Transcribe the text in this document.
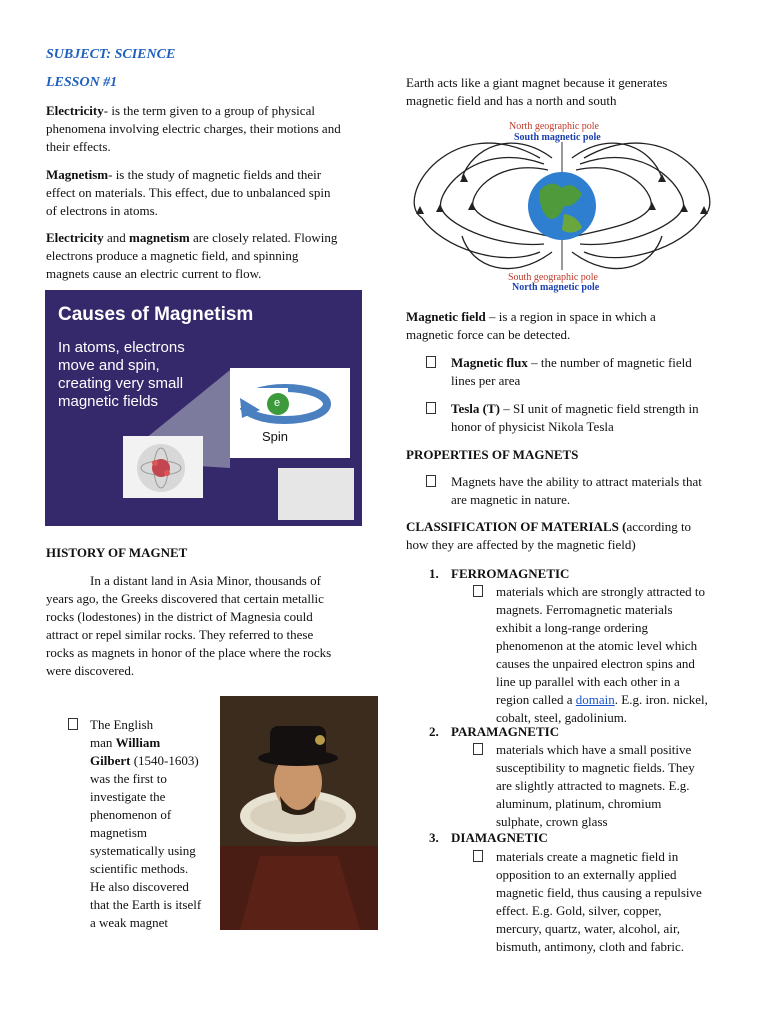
SUBJECT: SCIENCE
LESSON #1

Electricity- is the term given to a group of physical

phenomena involving electric charges, their motions and

their effects.

Magnetism- is the study of magnetic fields and their

effect on materials. This effect, due to unbalanced spin

of electrons in atoms.

Electricity and magnetism are closely related. Flowing

electrons produce a magnetic field, and spinning

magnets cause an electric current to flow.

Causes of Magnetism

In atoms, electrons

move and spin,

creating very small

magnetic fields	e
Spin
HISTORY OF MAGNET

In a distant land in Asia Minor, thousands of

years ago, the Greeks discovered that certain metallic

rocks (lodestones) in the district of Magnesia could

attract or repel similar rocks. They referred to these

rocks as magnets in honor of the place where the rocks

were discovered.

The English

man William

Gilbert (1540-1603)

was the first to

investigate the

phenomenon of

magnetism

systematically using

scientific methods.

He also discovered

that the Earth is itself

a weak magnet

Earth acts like a giant magnet because it generates

magnetic field and has a north and south

North geographic pole
South magnetic pole
South geographic pole
North magnetic pole

Magnetic field – is a region in space in which a

magnetic force can be detected.

Magnetic flux – the number of magnetic field

lines per area

Tesla (T) – SI unit of magnetic field strength in

honor of physicist Nikola Tesla

PROPERTIES OF MAGNETS

Magnets have the ability to attract materials that

are magnetic in nature.

CLASSIFICATION OF MATERIALS (according to

how they are affected by the magnetic field)

1. FERROMAGNETIC

materials which are strongly attracted to

magnets. Ferromagnetic materials

exhibit a long-range ordering

phenomenon at the atomic level which

causes the unpaired electron spins and

line up parallel with each other in a

region called a domain. E.g. iron. nickel,

cobalt, steel, gadolinium.

2. PARAMAGNETIC

materials which have a small positive

susceptibility to magnetic fields. They

are slightly attracted to magnets. E.g.

aluminum, platinum, chromium

sulphate, crown glass

3. DIAMAGNETIC

materials create a magnetic field in

opposition to an externally applied

magnetic field, thus causing a repulsive

effect. E.g. Gold, silver, copper,

mercury, quartz, water, alcohol, air,

bismuth, antimony, cloth and fabric.
